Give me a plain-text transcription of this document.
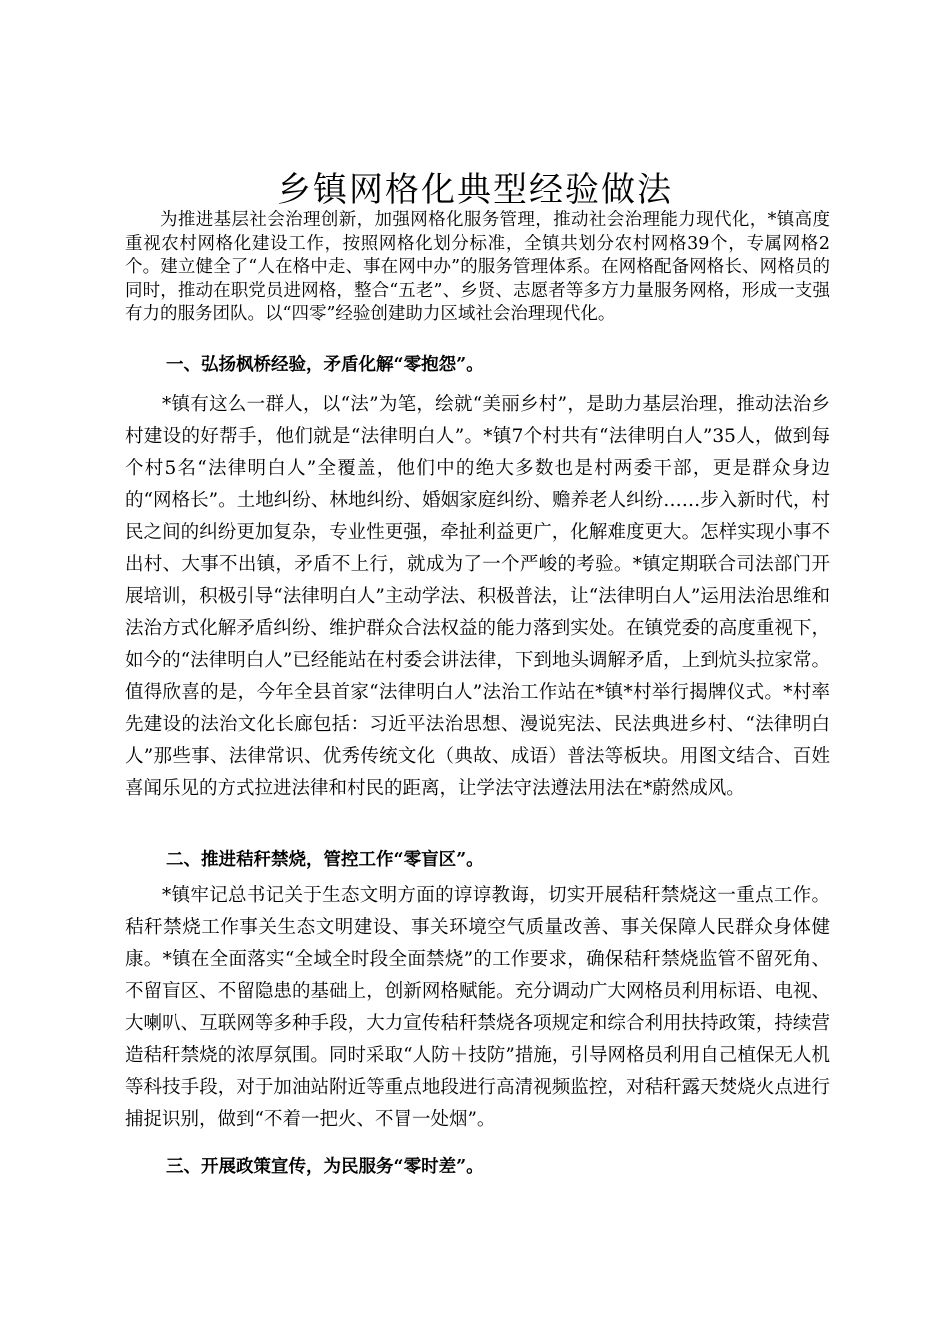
乡镇网格化典型经验做法

为推进基层社会治理创新，加强网格化服务管理，推动社会治理能力现代化，*镇高度重视农村网格化建设工作，按照网格化划分标准，全镇共划分农村网格39个，专属网格2个。建立健全了“人在格中走、事在网中办”的服务管理体系。在网格配备网格长、网格员的同时，推动在职党员进网格，整合“五老”、乡贤、志愿者等多方力量服务网格，形成一支强有力的服务团队。以“四零”经验创建助力区域社会治理现代化。

一、弘扬枫桥经验，矛盾化解“零抱怨”。

*镇有这么一群人，以“法”为笔，绘就“美丽乡村”，是助力基层治理，推动法治乡村建设的好帮手，他们就是“法律明白人”。*镇7个村共有“法律明白人”35人，做到每个村5名“法律明白人”全覆盖，他们中的绝大多数也是村两委干部，更是群众身边的“网格长”。土地纠纷、林地纠纷、婚姻家庭纠纷、赡养老人纠纷……步入新时代，村民之间的纠纷更加复杂，专业性更强，牵扯利益更广，化解难度更大。怎样实现小事不出村、大事不出镇，矛盾不上行，就成为了一个严峻的考验。*镇定期联合司法部门开展培训，积极引导“法律明白人”主动学法、积极普法，让“法律明白人”运用法治思维和法治方式化解矛盾纠纷、维护群众合法权益的能力落到实处。在镇党委的高度重视下，如今的“法律明白人”已经能站在村委会讲法律，下到地头调解矛盾，上到炕头拉家常。值得欣喜的是，今年全县首家“法律明白人”法治工作站在*镇*村举行揭牌仪式。*村率先建设的法治文化长廊包括：习近平法治思想、漫说宪法、民法典进乡村、“法律明白人”那些事、法律常识、优秀传统文化（典故、成语）普法等板块。用图文结合、百姓喜闻乐见的方式拉进法律和村民的距离，让学法守法遵法用法在*蔚然成风。

二、推进秸秆禁烧，管控工作“零盲区”。

*镇牢记总书记关于生态文明方面的谆谆教诲，切实开展秸秆禁烧这一重点工作。秸秆禁烧工作事关生态文明建设、事关环境空气质量改善、事关保障人民群众身体健康。*镇在全面落实“全域全时段全面禁烧”的工作要求，确保秸秆禁烧监管不留死角、不留盲区、不留隐患的基础上，创新网格赋能。充分调动广大网格员利用标语、电视、大喇叭、互联网等多种手段，大力宣传秸秆禁烧各项规定和综合利用扶持政策，持续营造秸秆禁烧的浓厚氛围。同时采取“人防＋技防”措施，引导网格员利用自己植保无人机等科技手段，对于加油站附近等重点地段进行高清视频监控，对秸秆露天焚烧火点进行捕捉识别，做到“不着一把火、不冒一处烟”。

三、开展政策宣传，为民服务“零时差”。
